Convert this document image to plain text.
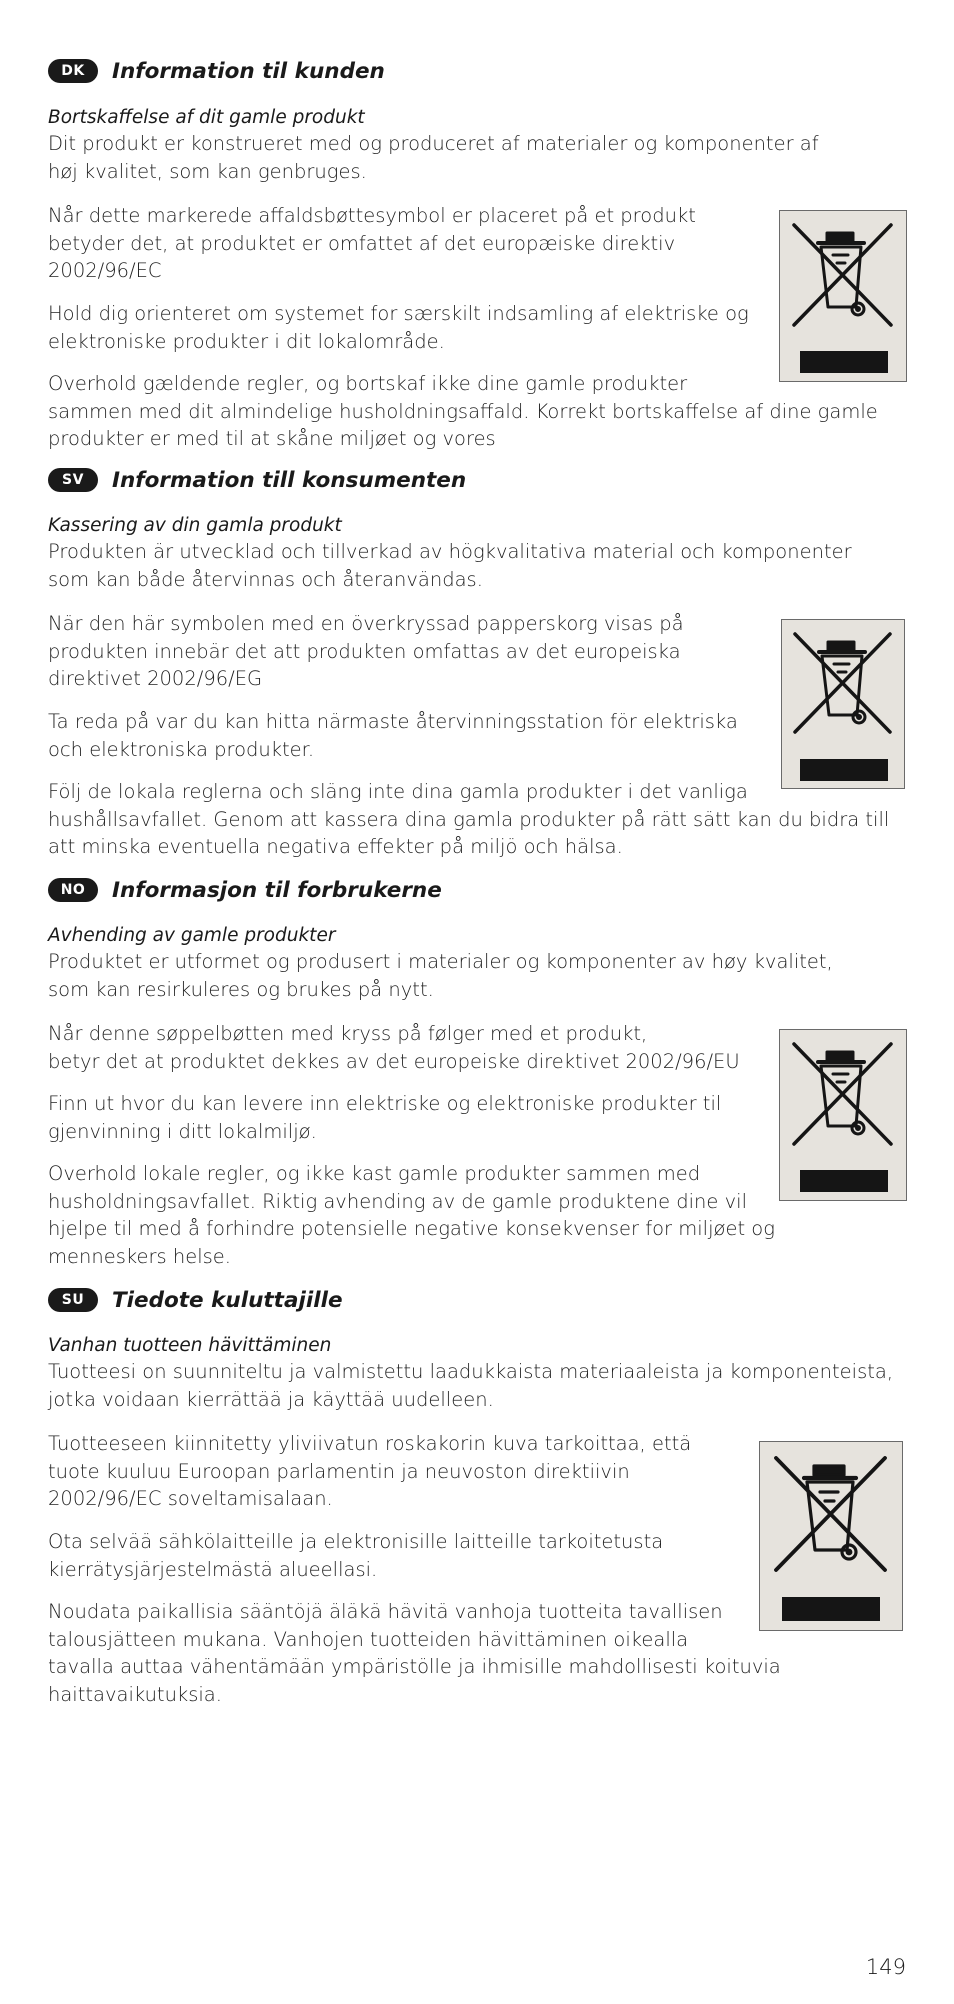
DK	Information til kunden
Bortskaffelse af dit gamle produkt
Dit produkt er konstrueret med og produceret af materialer og komponenter af
høj kvalitet, som kan genbruges.
Når dette markerede affaldsbøttesymbol er placeret på et produkt
betyder det, at produktet er omfattet af det europæiske direktiv
2002/96/EC
Hold dig orienteret om systemet for særskilt indsamling af elektriske og
elektroniske produkter i dit lokalområde.
Overhold gældende regler, og bortskaf ikke dine gamle produkter
sammen med dit almindelige husholdningsaffald. Korrekt bortskaffelse af dine gamle
produkter er med til at skåne miljøet og vores
SV	Information till konsumenten
Kassering av din gamla produkt
Produkten är utvecklad och tillverkad av högkvalitativa material och komponenter
som kan både återvinnas och återanvändas.
När den här symbolen med en överkryssad papperskorg visas på
produkten innebär det att produkten omfattas av det europeiska
direktivet 2002/96/EG
Ta reda på var du kan hitta närmaste återvinningsstation för elektriska
och elektroniska produkter.
Följ de lokala reglerna och släng inte dina gamla produkter i det vanliga
hushållsavfallet. Genom att kassera dina gamla produkter på rätt sätt kan du bidra till
att minska eventuella negativa effekter på miljö och hälsa.
NO	Informasjon til forbrukerne
Avhending av gamle produkter
Produktet er utformet og produsert i materialer og komponenter av høy kvalitet,
som kan resirkuleres og brukes på nytt.
Når denne søppelbøtten med kryss på følger med et produkt,
betyr det at produktet dekkes av det europeiske direktivet 2002/96/EU
Finn ut hvor du kan levere inn elektriske og elektroniske produkter til
gjenvinning i ditt lokalmiljø.
Overhold lokale regler, og ikke kast gamle produkter sammen med
husholdningsavfallet. Riktig avhending av de gamle produktene dine vil
hjelpe til med å forhindre potensielle negative konsekvenser for miljøet og
menneskers helse.
SU	Tiedote kuluttajille
Vanhan tuotteen hävittäminen
Tuotteesi on suunniteltu ja valmistettu laadukkaista materiaaleista ja komponenteista,
jotka voidaan kierrättää ja käyttää uudelleen.
Tuotteeseen kiinnitetty yliviivatun roskakorin kuva tarkoittaa, että
tuote kuuluu Euroopan parlamentin ja neuvoston direktiivin
2002/96/EC soveltamisalaan.
Ota selvää sähkölaitteille ja elektronisille laitteille tarkoitetusta
kierrätysjärjestelmästä alueellasi.
Noudata paikallisia sääntöjä äläkä hävitä vanhoja tuotteita tavallisen
talousjätteen mukana. Vanhojen tuotteiden hävittäminen oikealla
tavalla auttaa vähentämään ympäristölle ja ihmisille mahdollisesti koituvia
haittavaikutuksia.
149
